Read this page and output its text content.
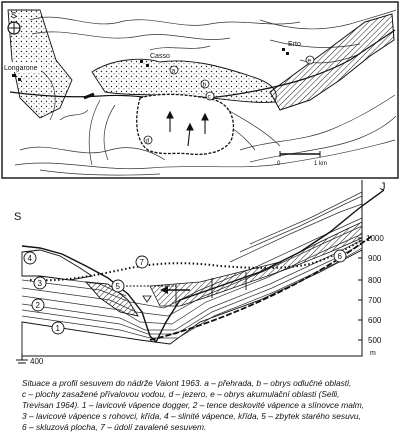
S
Longarone
Casso
Erto
a
b
c
d
e
0	1 km
S
J
1000
900
800
700
600
500
m
400
1
2
3
4
5
6
7

Situace a profil sesuvem do nádrže Vaiont 1963. a – přehrada, b – obrys odlučné oblasti,

c – plochy zasažené přívalovou vodou, d – jezero, e – obrys akumulační oblasti (Selli,

Trevisan 1964). 1 – lavicové vápence dogger, 2 – tence deskovité vápence a slínovce malm,

3 – lavicové vápence s rohovci, křída, 4 – slinité vápence, křída, 5 – zbytek starého sesuvu,

6 – skluzová plocha, 7 – údolí zavalené sesuvem.
